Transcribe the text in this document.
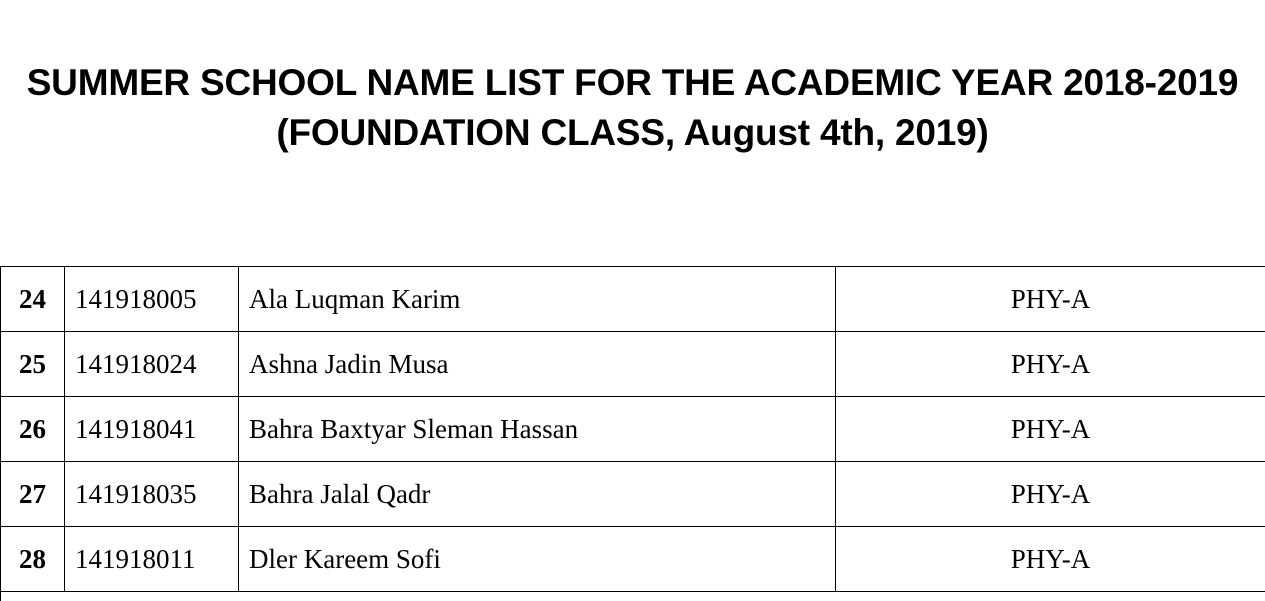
SUMMER SCHOOL NAME LIST FOR THE ACADEMIC YEAR 2018-2019 (FOUNDATION CLASS, August 4th, 2019)
24	141918005	Ala Luqman Karim		PHY-A
25	141918024	Ashna Jadin Musa		PHY-A
26	141918041	Bahra Baxtyar Sleman Hassan		PHY-A
27	141918035	Bahra Jalal Qadr		PHY-A
28	141918011	Dler Kareem Sofi		PHY-A
